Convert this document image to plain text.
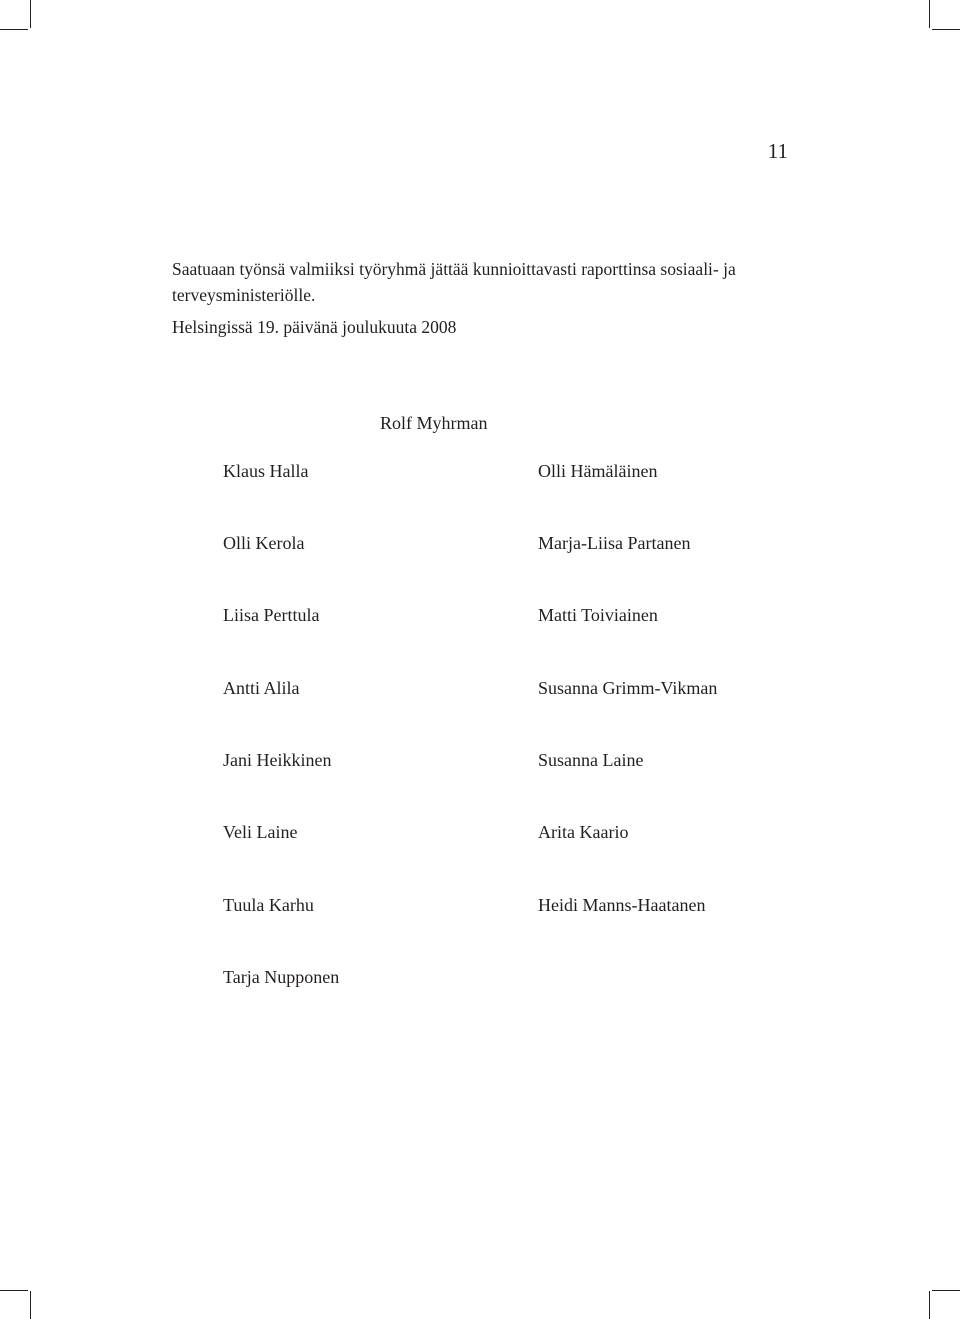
11

Saatuaan työnsä valmiiksi työryhmä jättää kunnioittavasti raporttinsa sosiaali- ja terveysministeriölle.

Helsingissä 19. päivänä joulukuuta 2008

Rolf Myhrman
Klaus Halla
Olli Kerola
Liisa Perttula
Antti Alila
Jani Heikkinen
Veli Laine
Tuula Karhu
Tarja Nupponen
Olli Hämäläinen
Marja-Liisa Partanen
Matti Toiviainen
Susanna Grimm-Vikman
Susanna Laine
Arita Kaario
Heidi Manns-Haatanen
